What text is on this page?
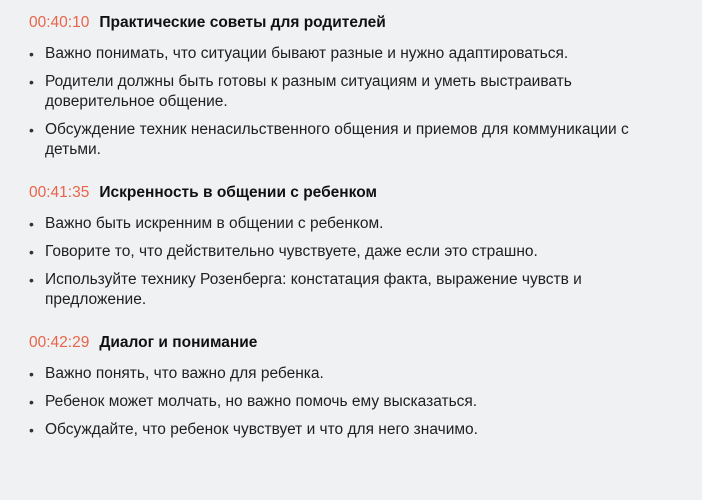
00:40:10 Практические советы для родителей
• Важно понимать, что ситуации бывают разные и нужно адаптироваться.
• Родители должны быть готовы к разным ситуациям и уметь выстраивать доверительное общение.
• Обсуждение техник ненасильственного общения и приемов для коммуникации с детьми.
00:41:35 Искренность в общении с ребенком
• Важно быть искренним в общении с ребенком.
• Говорите то, что действительно чувствуете, даже если это страшно.
• Используйте технику Розенберга: констатация факта, выражение чувств и предложение.
00:42:29 Диалог и понимание
• Важно понять, что важно для ребенка.
• Ребенок может молчать, но важно помочь ему высказаться.
• Обсуждайте, что ребенок чувствует и что для него значимо.
